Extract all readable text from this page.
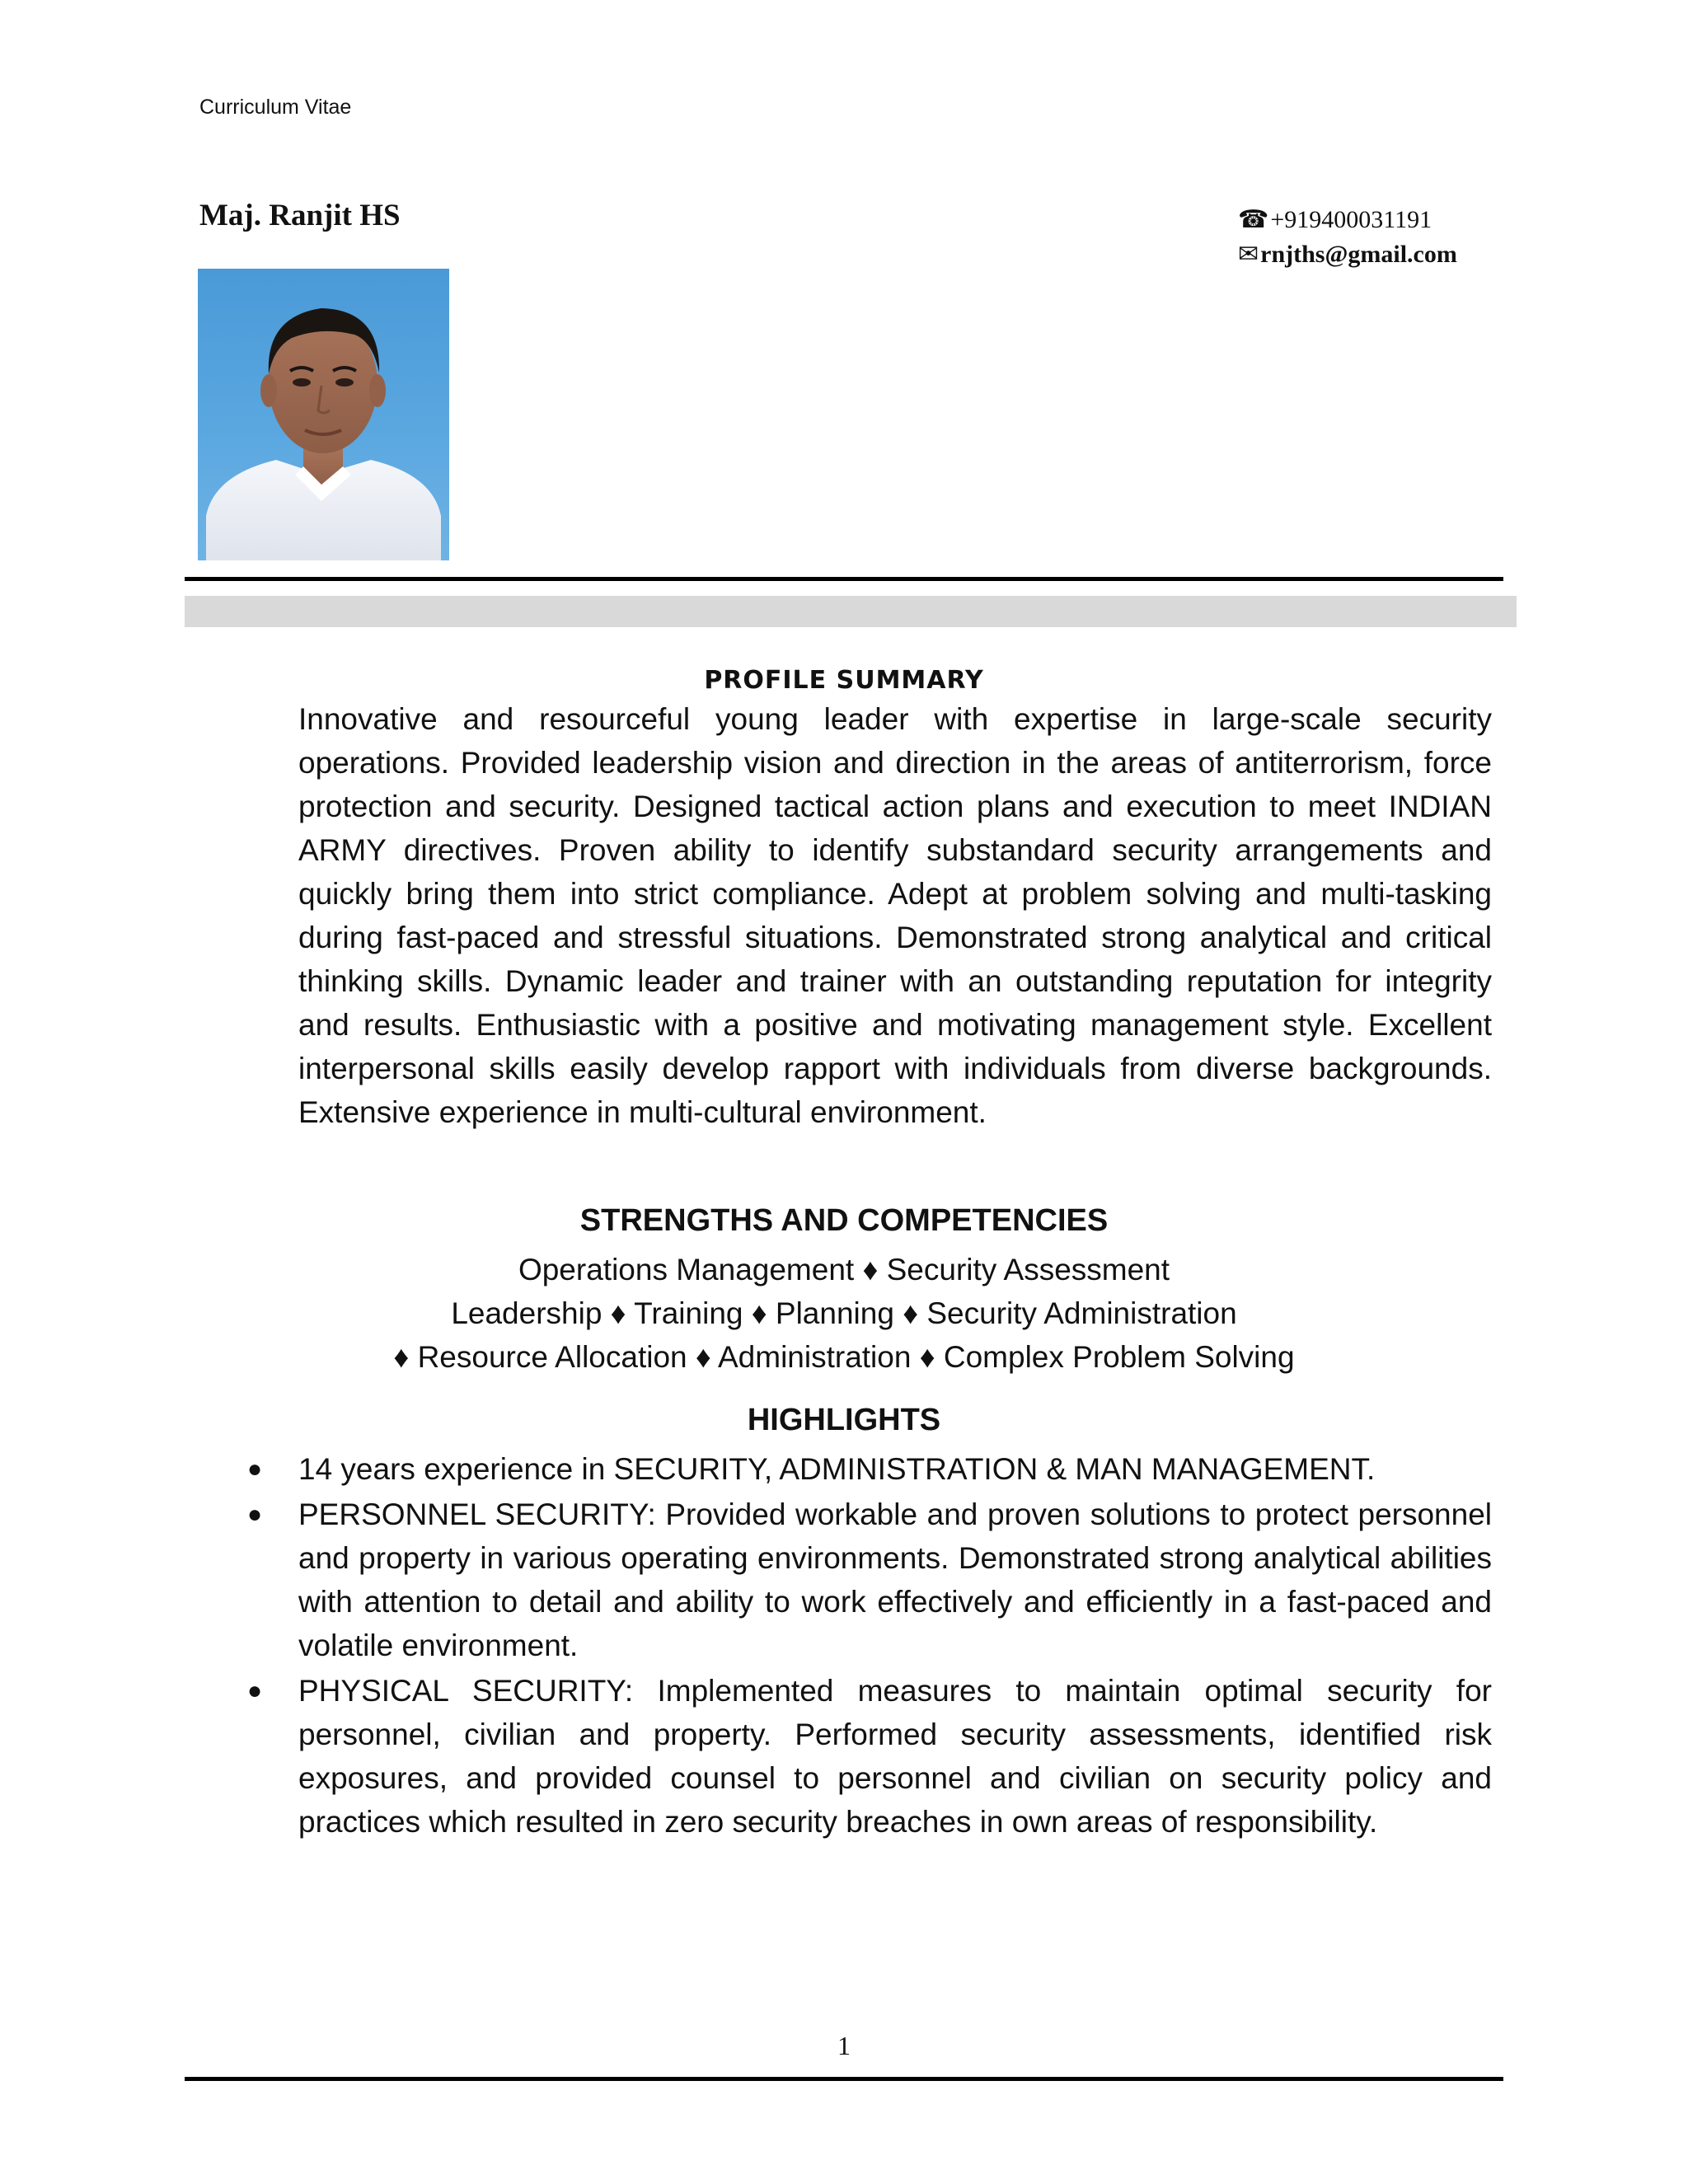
Curriculum Vitae
Maj. Ranjit HS	☎ +919400031191
✉ rnjths@gmail.com
PROFILE SUMMARY
Innovative and resourceful young leader with expertise in large-scale security operations. Provided leadership vision and direction in the areas of antiterrorism, force protection and security. Designed tactical action plans and execution to meet INDIAN ARMY directives. Proven ability to identify substandard security arrangements and quickly bring them into strict compliance. Adept at problem solving and multi-tasking during fast-paced and stressful situations. Demonstrated strong analytical and critical thinking skills. Dynamic leader and trainer with an outstanding reputation for integrity and results. Enthusiastic with a positive and motivating management style. Excellent interpersonal skills easily develop rapport with individuals from diverse backgrounds. Extensive experience in multi-cultural environment.
STRENGTHS AND COMPETENCIES
Operations Management ♦ Security Assessment
Leadership ♦ Training ♦ Planning ♦ Security Administration
♦ Resource Allocation ♦ Administration ♦ Complex Problem Solving
HIGHLIGHTS
● 14 years experience in SECURITY, ADMINISTRATION & MAN MANAGEMENT.
● PERSONNEL SECURITY: Provided workable and proven solutions to protect personnel and property in various operating environments. Demonstrated strong analytical abilities with attention to detail and ability to work effectively and efficiently in a fast-paced and volatile environment.
● PHYSICAL SECURITY: Implemented measures to maintain optimal security for personnel, civilian and property. Performed security assessments, identified risk exposures, and provided counsel to personnel and civilian on security policy and practices which resulted in zero security breaches in own areas of responsibility.
1
